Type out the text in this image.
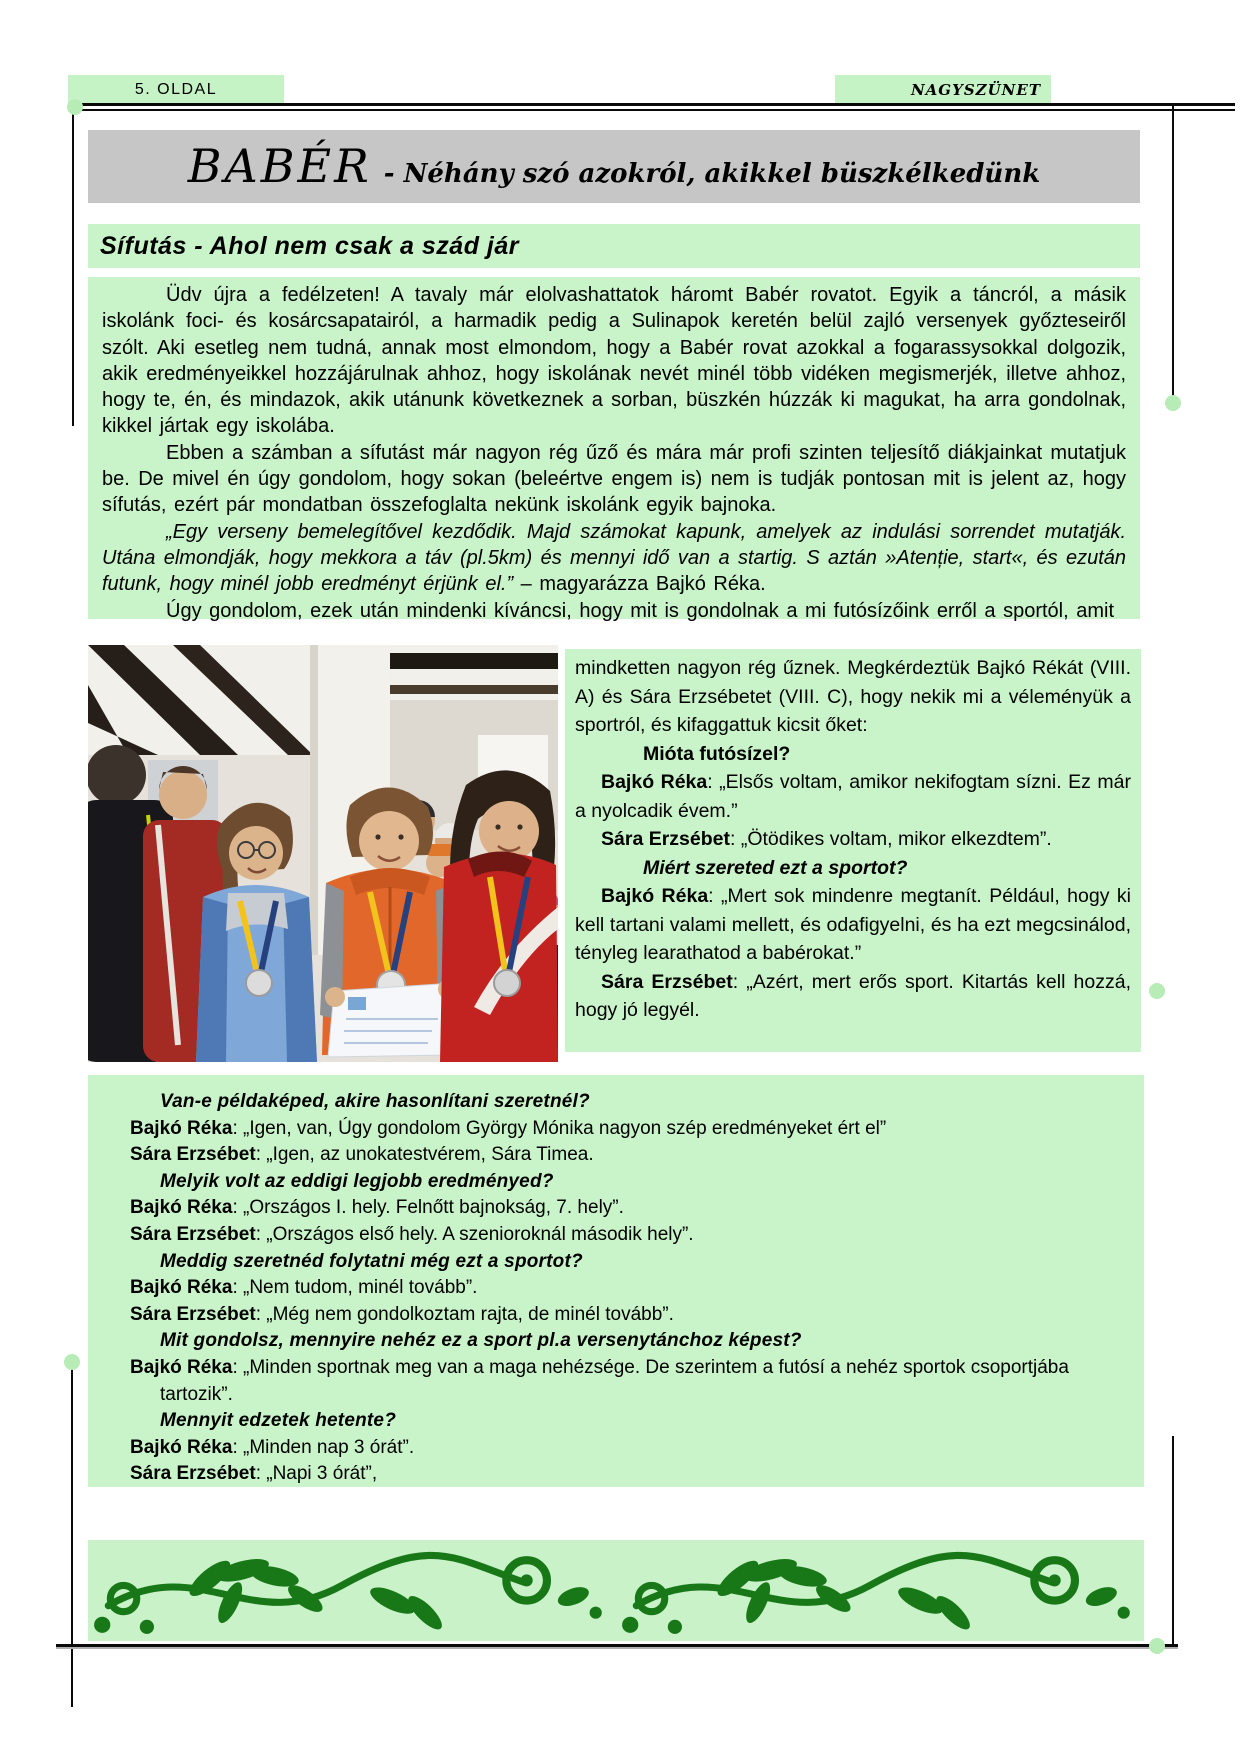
5. OLDAL	NAGYSZÜNET
BABÉR - Néhány szó azokról, akikkel büszkélkedünk
Sífutás - Ahol nem csak a szád jár

Üdv újra a fedélzeten! A tavaly már elolvashattatok háromt Babér rovatot. Egyik a táncról, a másik iskolánk foci- és kosárcsapatairól, a harmadik pedig a Sulinapok keretén belül zajló versenyek győzteseiről szólt. Aki esetleg nem tudná, annak most elmondom, hogy a Babér rovat azokkal a fogarassysokkal dolgozik, akik eredményeikkel hozzájárulnak ahhoz, hogy iskolának nevét minél több vidéken megismerjék, illetve ahhoz, hogy te, én, és mindazok, akik utánunk következnek a sorban, büszkén húzzák ki magukat, ha arra gondolnak, kikkel jártak egy iskolába.

Ebben a számban a sífutást már nagyon rég űző és mára már profi szinten teljesítő diákjainkat mutatjuk be. De mivel én úgy gondolom, hogy sokan (beleértve engem is) nem is tudják pontosan mit is jelent az, hogy sífutás, ezért pár mondatban összefoglalta nekünk iskolánk egyik bajnoka.

„Egy verseny bemelegítővel kezdődik. Majd számokat kapunk, amelyek az indulási sorrendet mutatják. Utána elmondják, hogy mekkora a táv (pl.5km) és mennyi idő van a startig. S aztán »Atenție, start«, és ezután futunk, hogy minél jobb eredményt érjünk el.” – magyarázza Bajkó Réka.

Úgy gondolom, ezek után mindenki kíváncsi, hogy mit is gondolnak a mi futósízőink erről a sportól, amit

mindketten nagyon rég űznek. Megkérdeztük Bajkó Rékát (VIII. A) és Sára Erzsébetet (VIII. C), hogy nekik mi a véleményük a sportról, és kifaggattuk kicsit őket:

Mióta futósízel?

Bajkó Réka: „Elsős voltam, amikor nekifogtam sízni. Ez már a nyolcadik évem.”

Sára Erzsébet: „Ötödikes voltam, mikor elkezdtem”.

Miért szereted ezt a sportot?

Bajkó Réka: „Mert sok mindenre megtanít. Például, hogy ki kell tartani valami mellett, és odafigyelni, és ha ezt megcsinálod, tényleg learathatod a babérokat.”

Sára Erzsébet: „Azért, mert erős sport. Kitartás kell hozzá, hogy jó legyél.

Van-e példaképed, akire hasonlítani szeretnél?

Bajkó Réka: „Igen, van, Úgy gondolom György Mónika nagyon szép eredményeket ért el”

Sára Erzsébet: „Igen, az unokatestvérem, Sára Timea.

Melyik volt az eddigi legjobb eredményed?

Bajkó Réka: „Országos I. hely. Felnőtt bajnokság, 7. hely”.

Sára Erzsébet: „Országos első hely. A szenioroknál második hely”.

Meddig szeretnéd folytatni még ezt a sportot?

Bajkó Réka: „Nem tudom, minél tovább”.

Sára Erzsébet: „Még nem gondolkoztam rajta, de minél tovább”.

Mit gondolsz, mennyire nehéz ez a sport pl.a versenytánchoz képest?

Bajkó Réka: „Minden sportnak meg van a maga nehézsége. De szerintem a futósí a nehéz sportok csoportjába tartozik”.

Mennyit edzetek hetente?

Bajkó Réka: „Minden nap 3 órát”.

Sára Erzsébet: „Napi 3 órát”,
